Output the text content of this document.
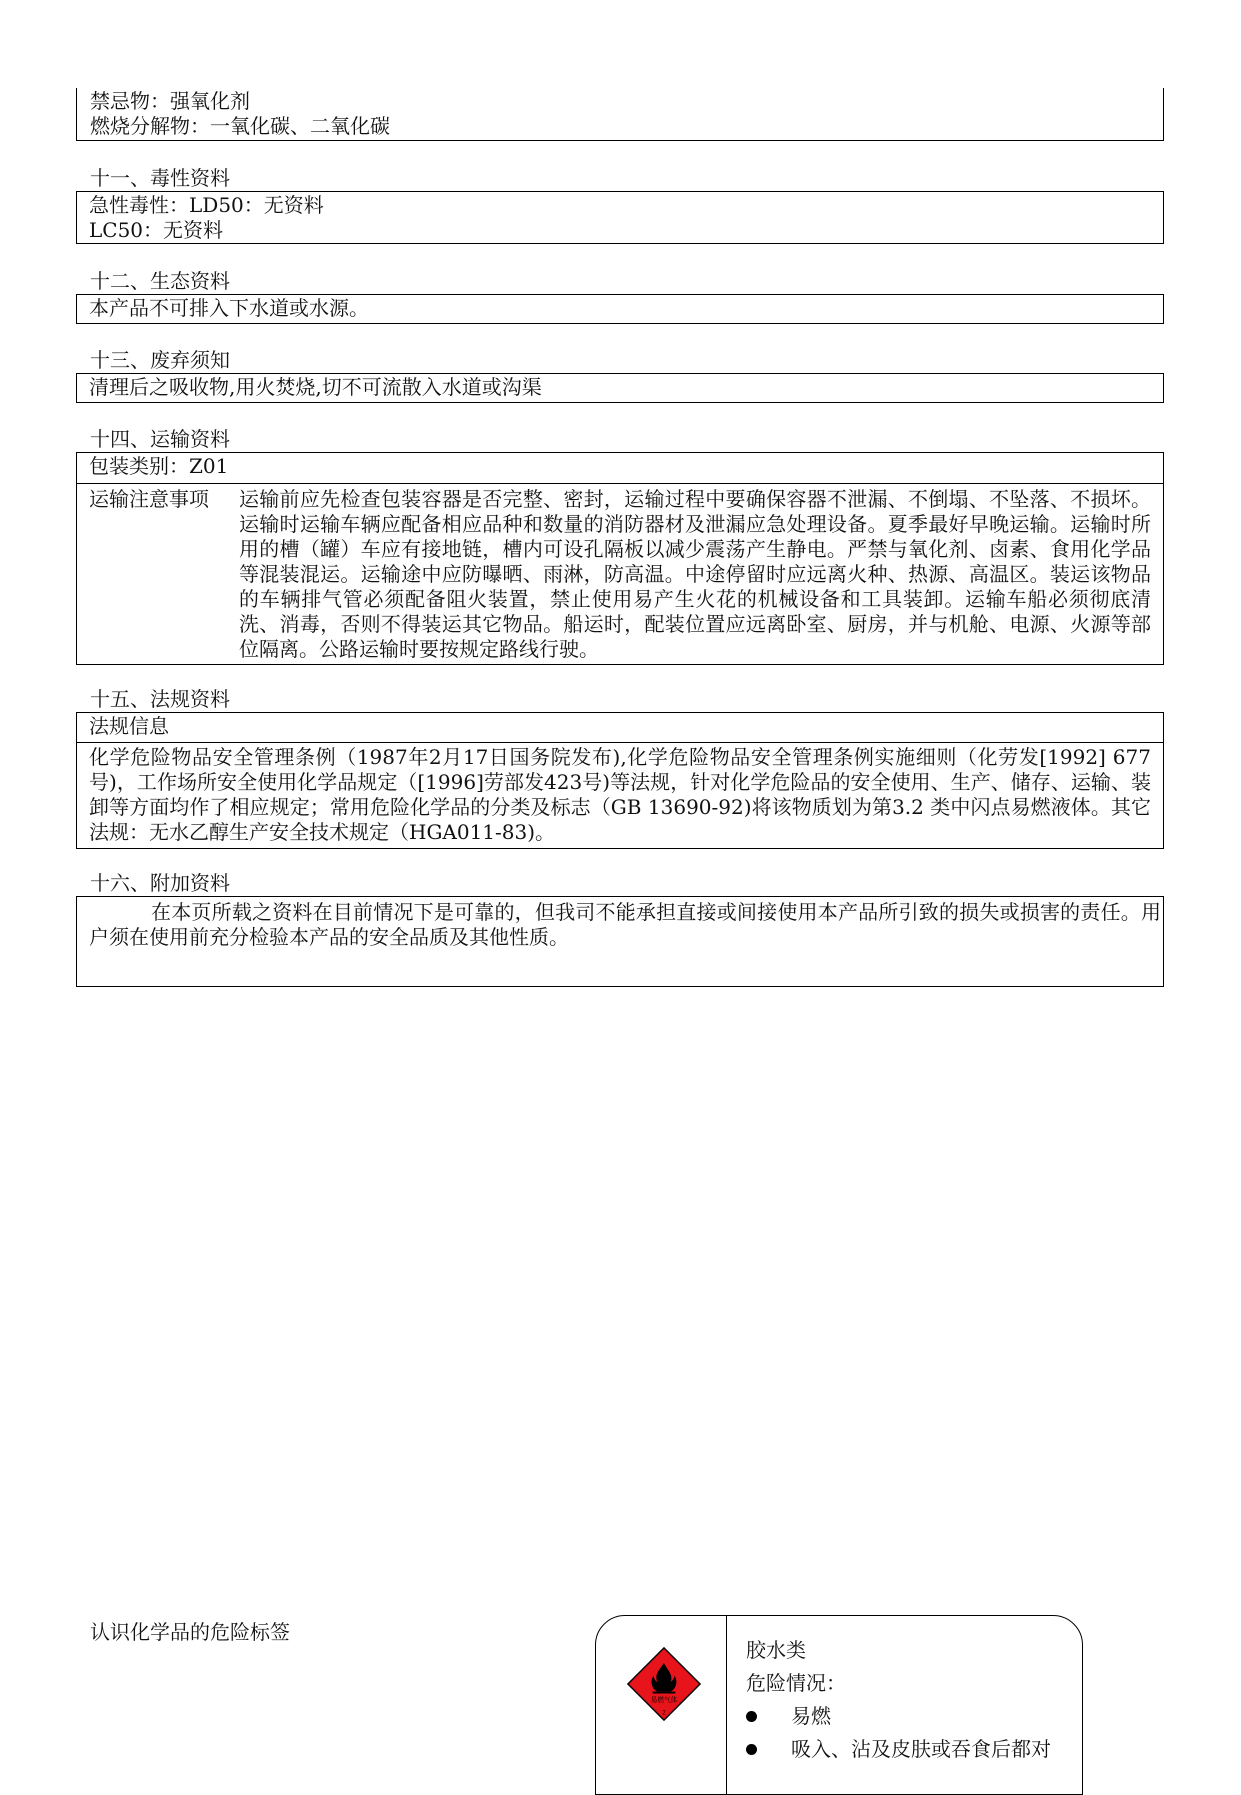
禁忌物：强氧化剂
燃烧分解物：一氧化碳、二氧化碳
十一、毒性资料
急性毒性：LD50：无资料
LC50：无资料
十二、生态资料
本产品不可排入下水道或水源。
十三、废弃须知
清理后之吸收物,用火焚烧,切不可流散入水道或沟渠
十四、运输资料
包装类别：Z01
运输注意事项	运输前应先检查包装容器是否完整、密封，运输过程中要确保容器不泄漏、不倒塌、不坠落、不损坏。运输时运输车辆应配备相应品种和数量的消防器材及泄漏应急处理设备。夏季最好早晚运输。运输时所用的槽（罐）车应有接地链，槽内可设孔隔板以减少震荡产生静电。严禁与氧化剂、卤素、食用化学品等混装混运。运输途中应防曝晒、雨淋，防高温。中途停留时应远离火种、热源、高温区。装运该物品的车辆排气管必须配备阻火装置，禁止使用易产生火花的机械设备和工具装卸。运输车船必须彻底清洗、消毒，否则不得装运其它物品。船运时，配装位置应远离卧室、厨房，并与机舱、电源、火源等部位隔离。公路运输时要按规定路线行驶。
十五、法规资料
法规信息
化学危险物品安全管理条例（1987年2月17日国务院发布),化学危险物品安全管理条例实施细则（化劳发[1992] 677号)，工作场所安全使用化学品规定（[1996]劳部发423号)等法规，针对化学危险品的安全使用、生产、储存、运输、装卸等方面均作了相应规定；常用危险化学品的分类及标志（GB 13690-92)将该物质划为第3.2 类中闪点易燃液体。其它法规：无水乙醇生产安全技术规定（HGA011-83)。
十六、附加资料
在本页所载之资料在目前情况下是可靠的，但我司不能承担直接或间接使用本产品所引致的损失或损害的责任。用户须在使用前充分检验本产品的安全品质及其他性质。
认识化学品的危险标签
易燃气体
2
胶水类
危险情况：
易燃
吸入、沾及皮肤或吞食后都对
